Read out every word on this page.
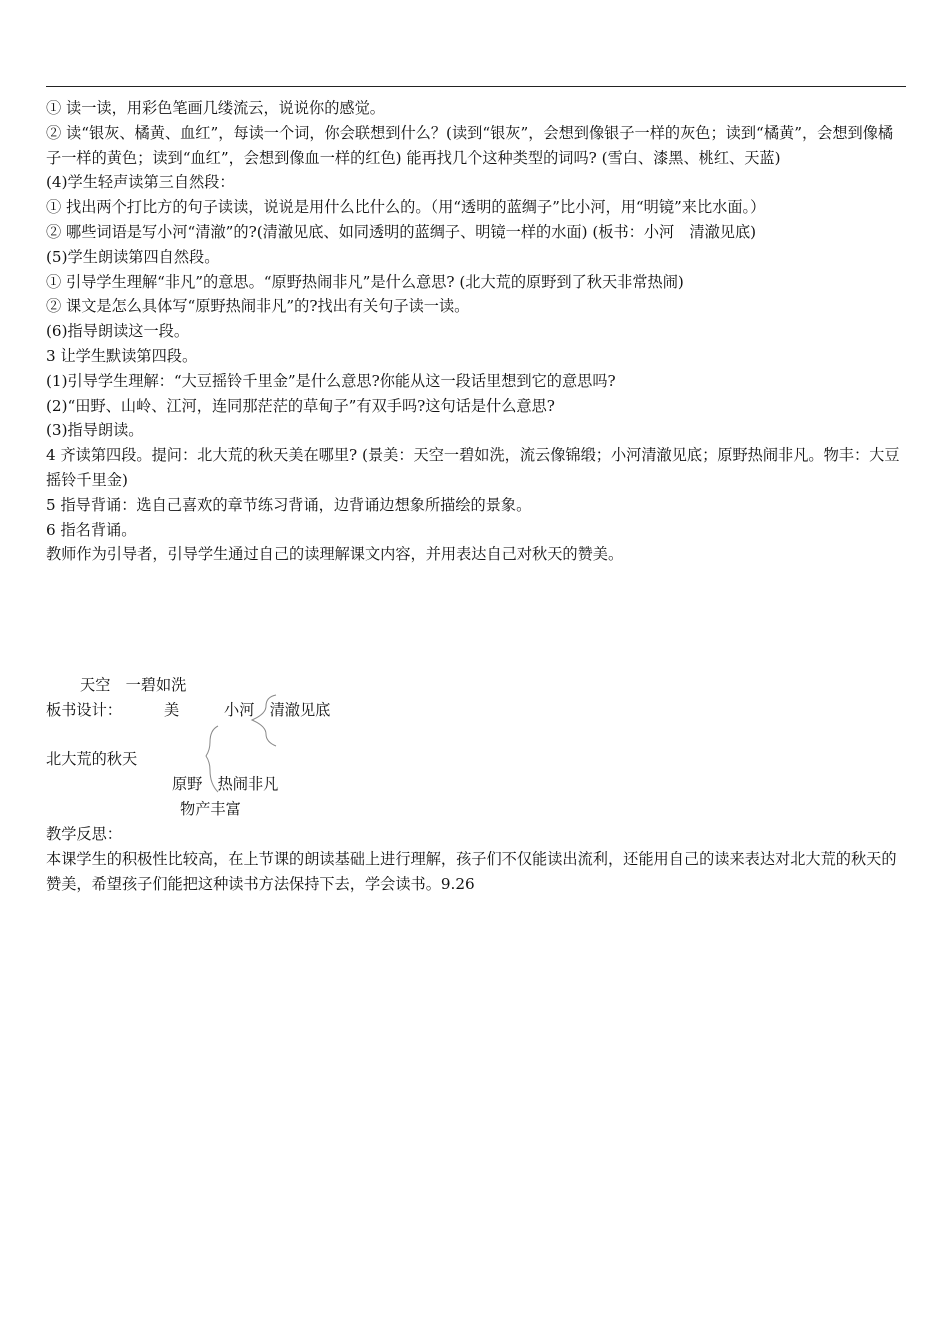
① 读一读，用彩色笔画几缕流云，说说你的感觉。
② 读“银灰、橘黄、血红”，每读一个词，你会联想到什么？(读到“银灰”，会想到像银子一样的灰色；读到“橘黄”，会想到像橘子一样的黄色；读到“血红”，会想到像血一样的红色) 能再找几个这种类型的词吗? (雪白、漆黑、桃红、天蓝)
(4)学生轻声读第三自然段：
① 找出两个打比方的句子读读，说说是用什么比什么的。（用“透明的蓝绸子”比小河，用“明镜”来比水面。）
② 哪些词语是写小河“清澈”的?(清澈见底、如同透明的蓝绸子、明镜一样的水面) (板书：小河　清澈见底)
(5)学生朗读第四自然段。
① 引导学生理解“非凡”的意思。“原野热闹非凡”是什么意思? (北大荒的原野到了秋天非常热闹)
② 课文是怎么具体写“原野热闹非凡”的?找出有关句子读一读。
(6)指导朗读这一段。
3 让学生默读第四段。
(1)引导学生理解：“大豆摇铃千里金”是什么意思?你能从这一段话里想到它的意思吗?
(2)“田野、山岭、江河，连同那茫茫的草甸子”有双手吗?这句话是什么意思?
(3)指导朗读。
4 齐读第四段。提问：北大荒的秋天美在哪里? (景美：天空一碧如洗，流云像锦缎；小河清澈见底；原野热闹非凡。物丰：大豆摇铃千里金)
5 指导背诵：选自己喜欢的章节练习背诵，边背诵边想象所描绘的景象。
6 指名背诵。
教师作为引导者，引导学生通过自己的读理解课文内容，并用表达自己对秋天的赞美。
天空　一碧如洗
板书设计：	美	小河　清澈见底
北大荒的秋天
原野　热闹非凡
物产丰富
教学反思：
本课学生的积极性比较高，在上节课的朗读基础上进行理解，孩子们不仅能读出流利，还能用自己的读来表达对北大荒的秋天的赞美，希望孩子们能把这种读书方法保持下去，学会读书。9.26
